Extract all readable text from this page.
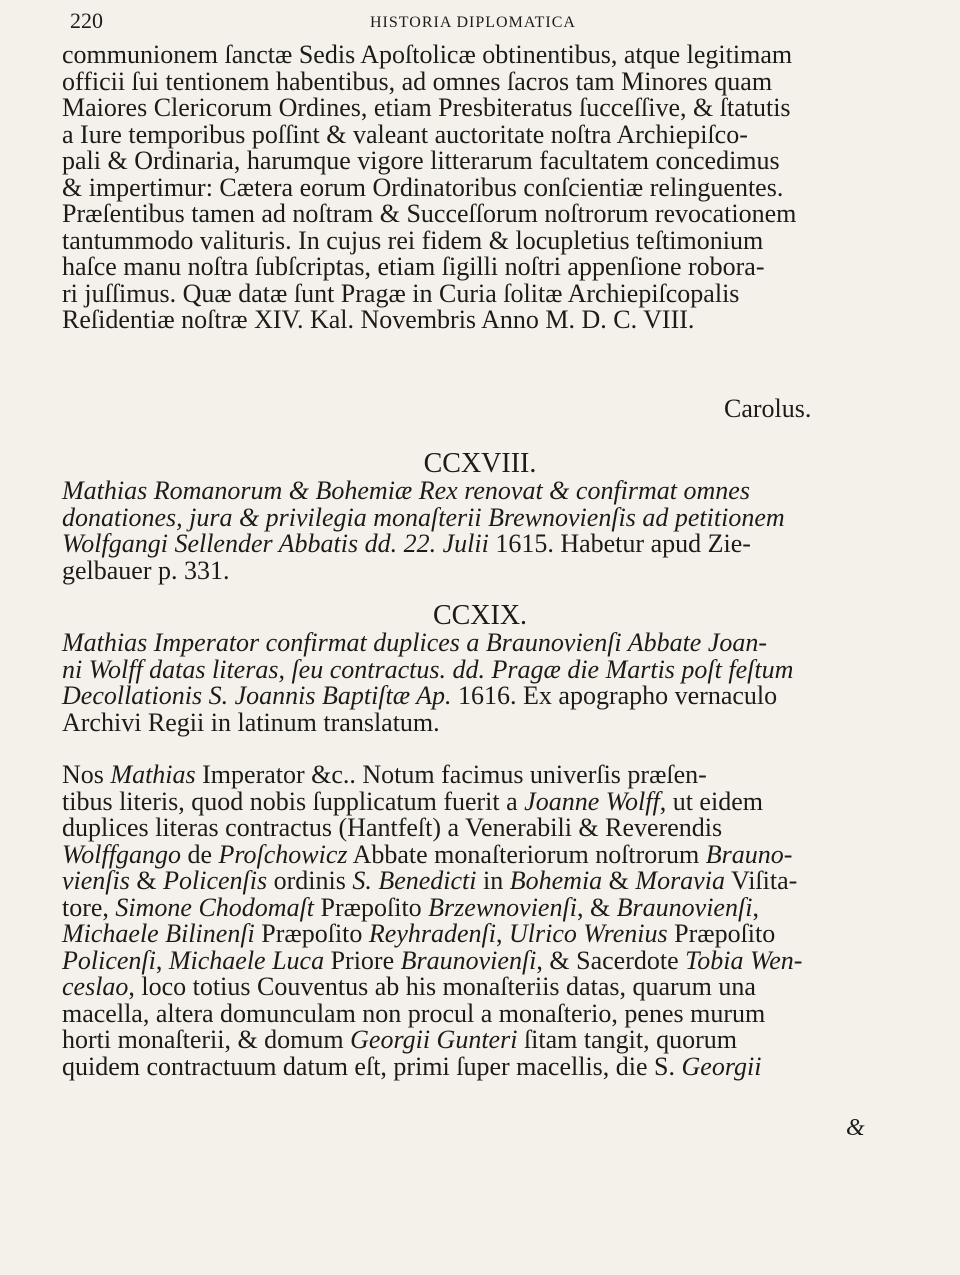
220	HISTORIA DIPLOMATICA
communionem ſanctæ Sedis Apoſtolicæ obtinentibus, atque legitimam
officii ſui tentionem habentibus, ad omnes ſacros tam Minores quam
Maiores Clericorum Ordines, etiam Presbiteratus ſucceſſive, & ſtatutis
a Iure temporibus poſſint & valeant auctoritate noſtra Archiepiſco-
pali & Ordinaria, harumque vigore litterarum facultatem concedimus
& impertimur: Cætera eorum Ordinatoribus conſcientiæ relinguentes.
Præſentibus tamen ad noſtram & Succeſſorum noſtrorum revocationem
tantummodo valituris. In cujus rei fidem & locupletius teſtimonium
haſce manu noſtra ſubſcriptas, etiam ſigilli noſtri appenſione robora-
ri juſſimus. Quæ datæ ſunt Pragæ in Curia ſolitæ Archiepiſcopalis
Reſidentiæ noſtræ XIV. Kal. Novembris Anno M. D. C. VIII.
Carolus.
CCXVIII.
Mathias Romanorum & Bohemiæ Rex renovat & confirmat omnes
donationes, jura & privilegia monaſterii Brewnovienſis ad petitionem
Wolfgangi Sellender Abbatis dd. 22. Julii 1615. Habetur apud Zie-
gelbauer p. 331.
CCXIX.
Mathias Imperator confirmat duplices a Braunovienſi Abbate Joan-
ni Wolff datas literas, ſeu contractus. dd. Pragæ die Martis poſt feſtum
Decollationis S. Joannis Baptiſtæ Ap. 1616. Ex apographo vernaculo
Archivi Regii in latinum translatum.
Nos Mathias Imperator &c.. Notum facimus univerſis præſen-
tibus literis, quod nobis ſupplicatum fuerit a Joanne Wolff, ut eidem
duplices literas contractus (Hantfeſt) a Venerabili & Reverendis
Wolffgango de Proſchowicz Abbate monaſteriorum noſtrorum Brauno-
vienſis & Policenſis ordinis S. Benedicti in Bohemia & Moravia Viſita-
tore, Simone Chodomaſt Præpoſito Brzewnovienſi, & Braunovienſi,
Michaele Bilinenſi Præpoſito Reyhradenſi, Ulrico Wrenius Præpoſito
Policenſi, Michaele Luca Priore Braunovienſi, & Sacerdote Tobia Wen-
ceslao, loco totius Couventus ab his monaſteriis datas, quarum una
macella, altera domunculam non procul a monaſterio, penes murum
horti monaſterii, & domum Georgii Gunteri ſitam tangit, quorum
quidem contractuum datum eſt, primi ſuper macellis, die S. Georgii
&
